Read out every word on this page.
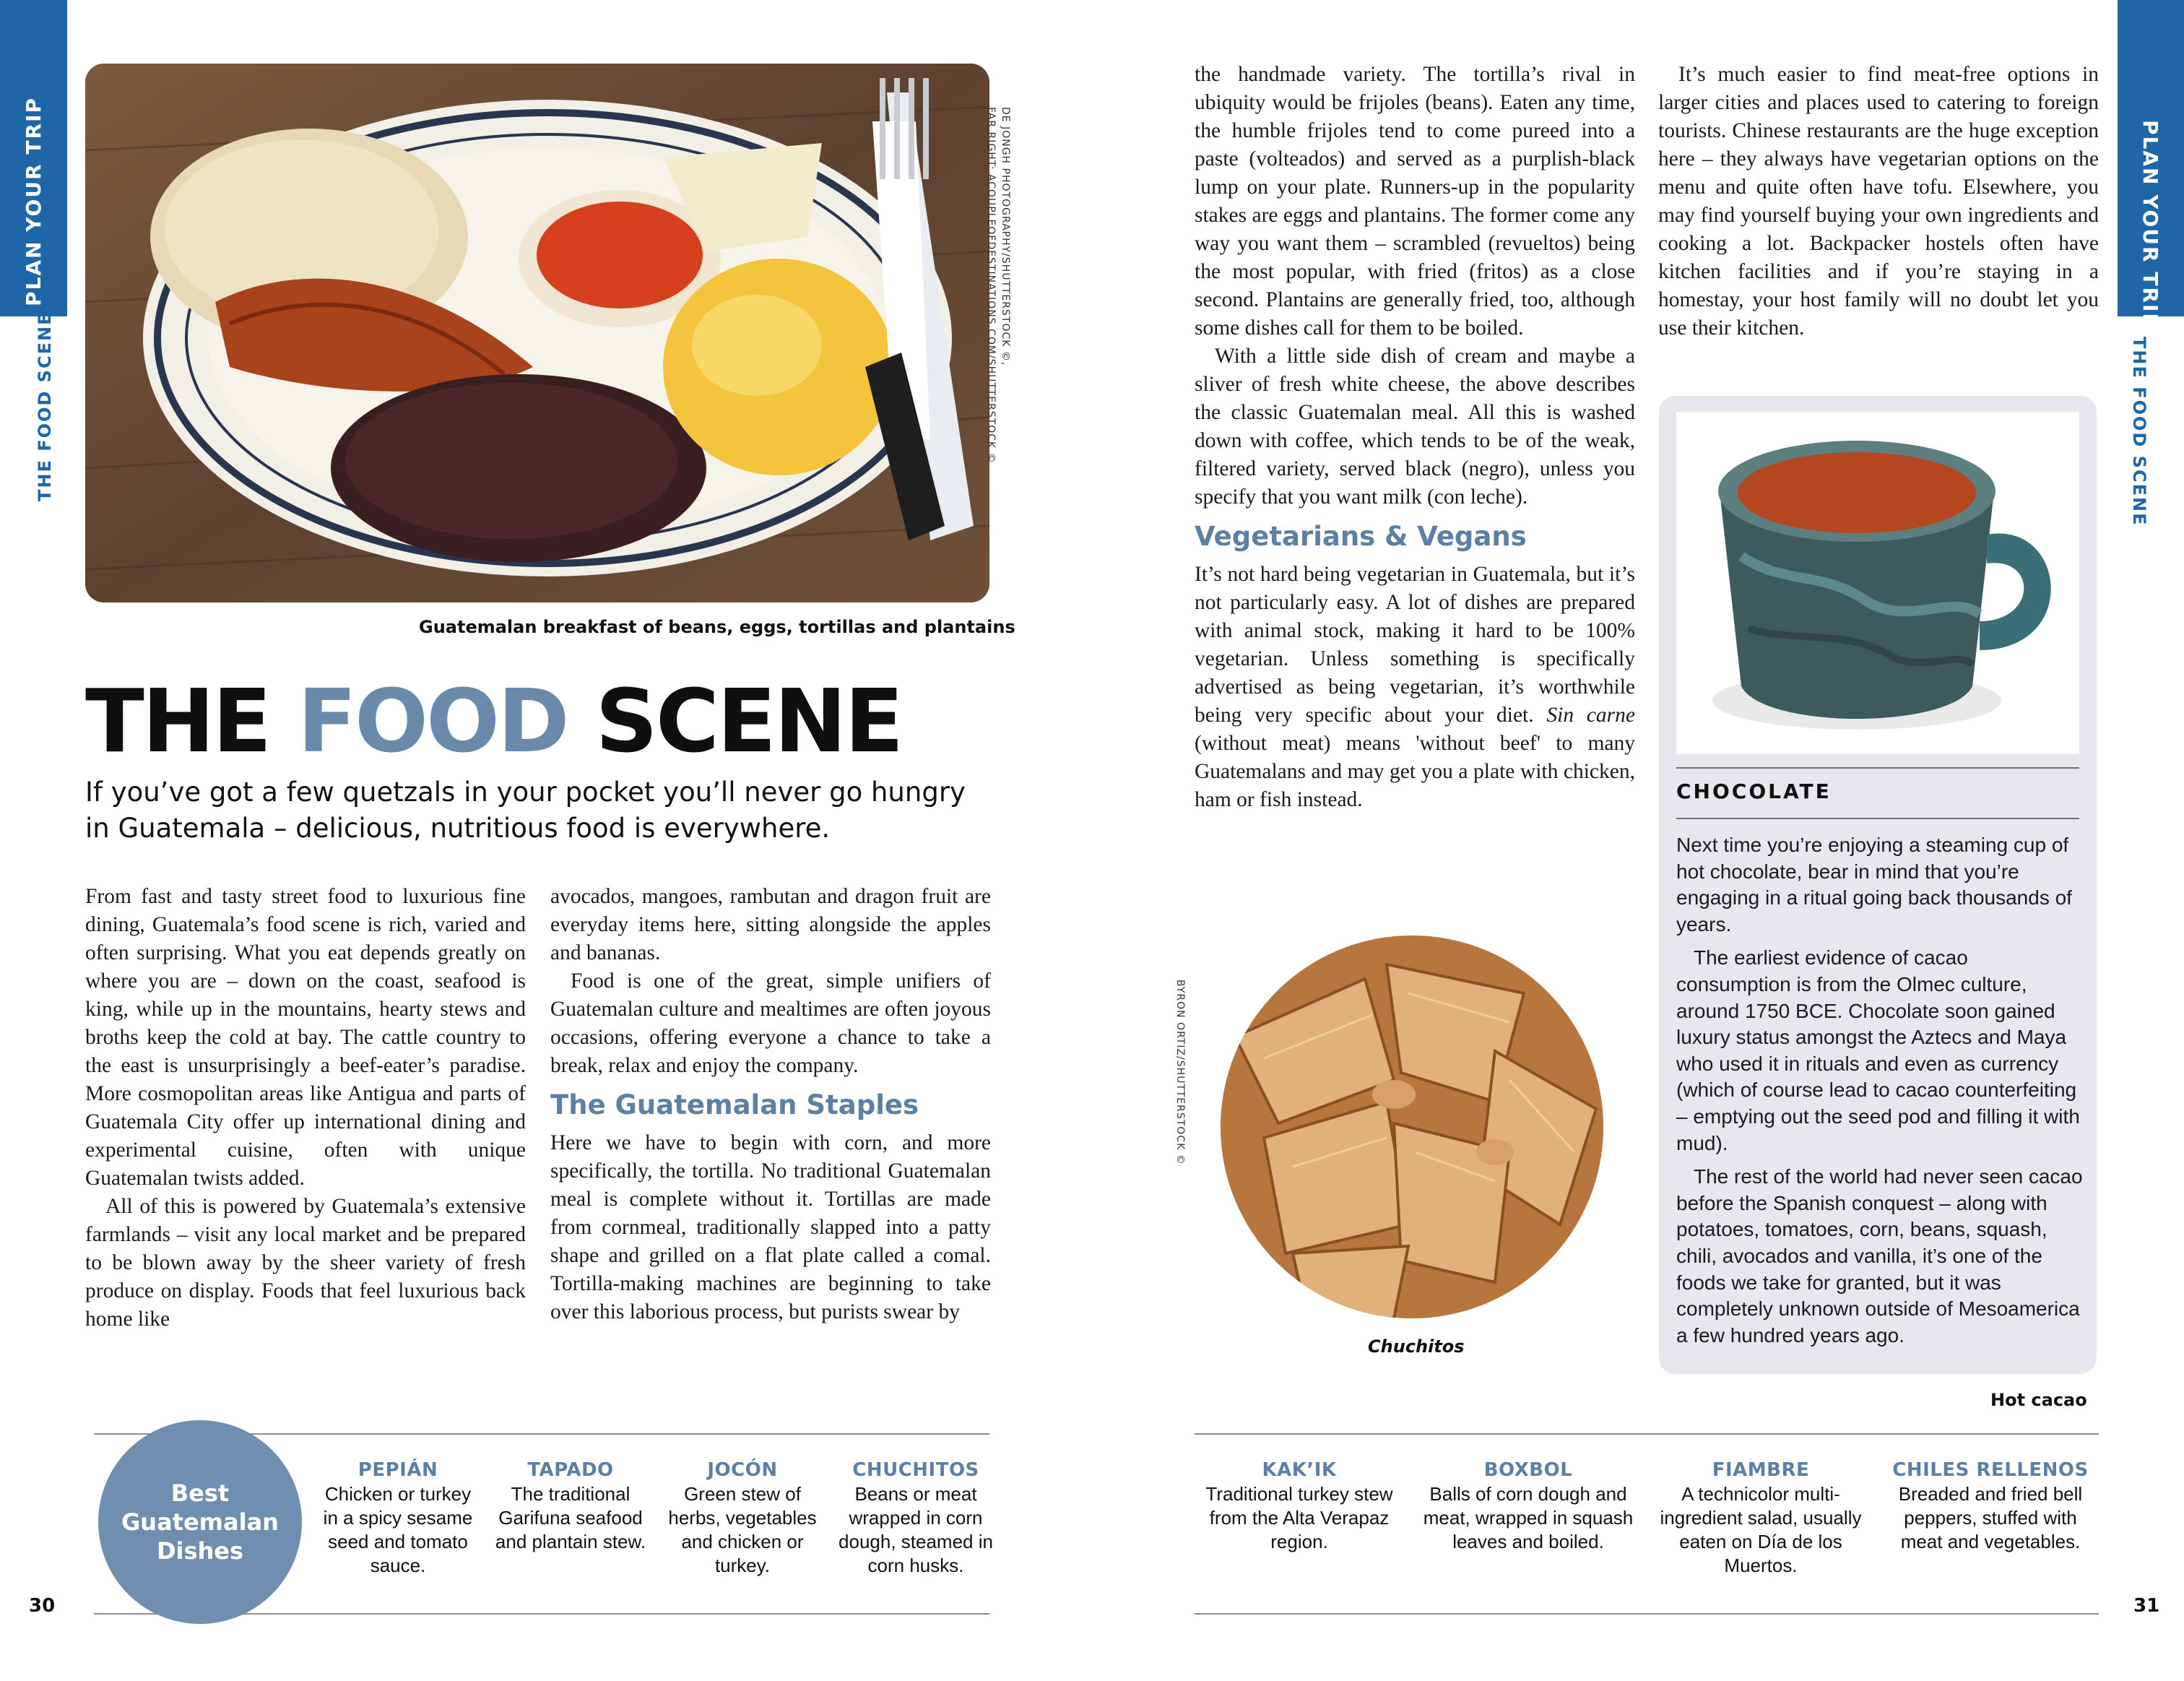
PLAN YOUR TRIP
THE FOOD SCENE
PLAN YOUR TRIP
THE FOOD SCENE
DE JONGH PHOTOGRAPHY/SHUTTERSTOCK ©,
FAR RIGHT: ACOUPLEOFDESTINATIONS.COM/SHUTTERSTOCK ©
Guatemalan breakfast of beans, eggs, tortillas and plantains
THE FOOD SCENE
If you’ve got a few quetzals in your pocket you’ll never go hungry in Guatemala – delicious, nutritious food is everywhere.

From fast and tasty street food to luxurious fine dining, Guatemala’s food scene is rich, varied and often surprising. What you eat depends greatly on where you are – down on the coast, seafood is king, while up in the mountains, hearty stews and broths keep the cold at bay. The cattle country to the east is unsurprisingly a beef-eater’s paradise. More cosmopolitan areas like Antigua and parts of Guatemala City offer up international dining and experimental cuisine, often with unique Guatemalan twists added.

All of this is powered by Guatemala’s extensive farmlands – visit any local market and be prepared to be blown away by the sheer variety of fresh produce on display. Foods that feel luxurious back home like

avocados, mangoes, rambutan and dragon fruit are everyday items here, sitting alongside the apples and bananas.

Food is one of the great, simple unifiers of Guatemalan culture and mealtimes are often joyous occasions, offering everyone a chance to take a break, relax and enjoy the company.

The Guatemalan Staples

Here we have to begin with corn, and more specifically, the tortilla. No traditional Guatemalan meal is complete without it. Tortillas are made from cornmeal, traditionally slapped into a patty shape and grilled on a flat plate called a comal. Tortilla-making machines are beginning to take over this laborious process, but purists swear by

the handmade variety. The tortilla’s rival in ubiquity would be frijoles (beans). Eaten any time, the humble frijoles tend to come pureed into a paste (volteados) and served as a purplish-black lump on your plate. Runners-up in the popularity stakes are eggs and plantains. The former come any way you want them – scrambled (revueltos) being the most popular, with fried (fritos) as a close second. Plantains are generally fried, too, although some dishes call for them to be boiled.

With a little side dish of cream and maybe a sliver of fresh white cheese, the above describes the classic Guatemalan meal. All this is washed down with coffee, which tends to be of the weak, filtered variety, served black (negro), unless you specify that you want milk (con leche).

Vegetarians & Vegans

It’s not hard being vegetarian in Guatemala, but it’s not particularly easy. A lot of dishes are prepared with animal stock, making it hard to be 100% vegetarian. Unless something is specifically advertised as being vegetarian, it’s worthwhile being very specific about your diet. Sin carne (without meat) means 'without beef' to many Guatemalans and may get you a plate with chicken, ham or fish instead.

It’s much easier to find meat-free options in larger cities and places used to catering to foreign tourists. Chinese restaurants are the huge exception here – they always have vegetarian options on the menu and quite often have tofu. Elsewhere, you may find yourself buying your own ingredients and cooking a lot. Backpacker hostels often have kitchen facilities and if you’re staying in a homestay, your host family will no doubt let you use their kitchen.

CHOCOLATE

Next time you’re enjoying a steaming cup of hot chocolate, bear in mind that you’re engaging in a ritual going back thousands of years.

The earliest evidence of cacao consumption is from the Olmec culture, around 1750 BCE. Chocolate soon gained luxury status amongst the Aztecs and Maya who used it in rituals and even as currency (which of course lead to cacao counterfeiting – emptying out the seed pod and filling it with mud).

The rest of the world had never seen cacao before the Spanish conquest – along with potatoes, tomatoes, corn, beans, squash, chili, avocados and vanilla, it’s one of the foods we take for granted, but it was completely unknown outside of Mesoamerica a few hundred years ago.

Hot cacao
BYRON ORTIZ/SHUTTERSTOCK ©
Chuchitos
Best Guatemalan Dishes
PEPIÁN
Chicken or turkey in a spicy sesame seed and tomato sauce.
TAPADO
The traditional Garifuna seafood and plantain stew.
JOCÓN
Green stew of herbs, vegetables and chicken or turkey.
CHUCHITOS
Beans or meat wrapped in corn dough, steamed in corn husks.
KAK’IK
Traditional turkey stew from the Alta Verapaz region.
BOXBOL
Balls of corn dough and meat, wrapped in squash leaves and boiled.
FIAMBRE
A technicolor multi-ingredient salad, usually eaten on Día de los Muertos.
CHILES RELLENOS
Breaded and fried bell peppers, stuffed with meat and vegetables.
30	31
